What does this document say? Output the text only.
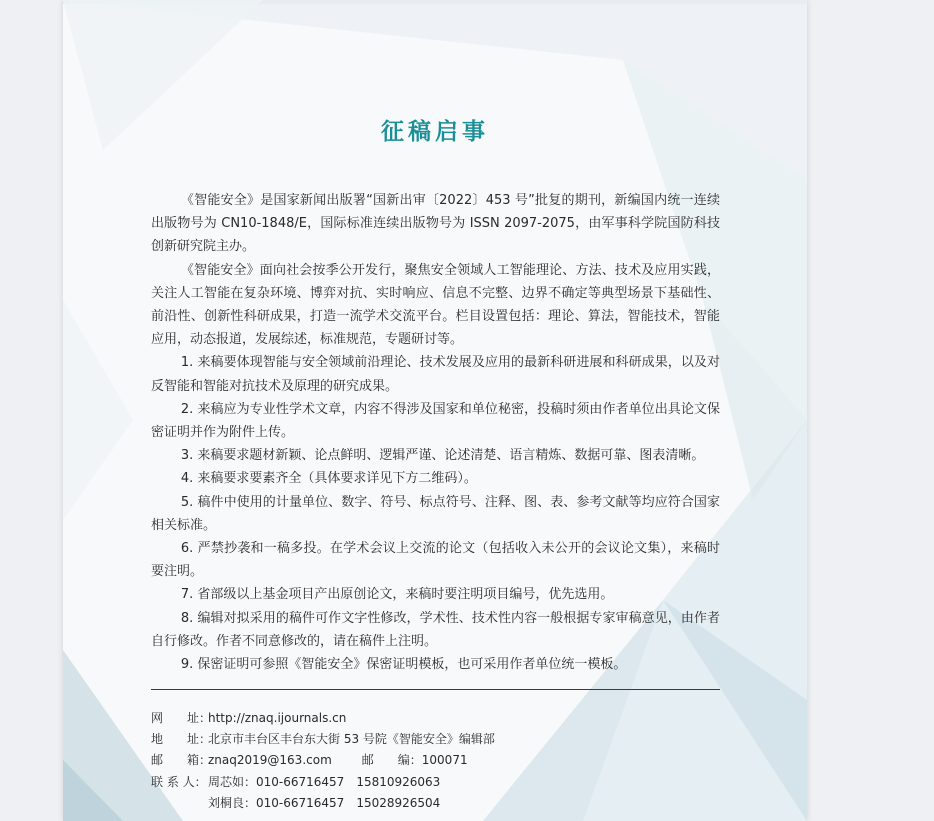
征稿启事

《智能安全》是国家新闻出版署“国新出审〔2022〕453 号”批复的期刊，新编国内统一连续出版物号为 CN10-1848/E，国际标准连续出版物号为 ISSN 2097-2075，由军事科学院国防科技创新研究院主办。

《智能安全》面向社会按季公开发行，聚焦安全领域人工智能理论、方法、技术及应用实践，关注人工智能在复杂环境、博弈对抗、实时响应、信息不完整、边界不确定等典型场景下基础性、前沿性、创新性科研成果，打造一流学术交流平台。栏目设置包括：理论、算法，智能技术，智能应用，动态报道，发展综述，标准规范，专题研讨等。

1. 来稿要体现智能与安全领域前沿理论、技术发展及应用的最新科研进展和科研成果，以及对反智能和智能对抗技术及原理的研究成果。

2. 来稿应为专业性学术文章，内容不得涉及国家和单位秘密，投稿时须由作者单位出具论文保密证明并作为附件上传。

3. 来稿要求题材新颖、论点鲜明、逻辑严谨、论述清楚、语言精炼、数据可靠、图表清晰。

4. 来稿要求要素齐全（具体要求详见下方二维码）。

5. 稿件中使用的计量单位、数字、符号、标点符号、注释、图、表、参考文献等均应符合国家相关标准。

6. 严禁抄袭和一稿多投。在学术会议上交流的论文（包括收入未公开的会议论文集），来稿时要注明。

7. 省部级以上基金项目产出原创论文，来稿时要注明项目编号，优先选用。

8. 编辑对拟采用的稿件可作文字性修改，学术性、技术性内容一般根据专家审稿意见，由作者自行修改。作者不同意修改的，请在稿件上注明。

9. 保密证明可参照《智能安全》保密证明模板，也可采用作者单位统一模板。

网　　址：http://znaq.ijournals.cn
地　　址：北京市丰台区丰台东大街 53 号院《智能安全》编辑部
邮　　箱：znaq2019@163.com	邮　　编：100071
联 系 人：周芯如：010-66716457　15810926063
刘桐良：010-66716457　15028926504
